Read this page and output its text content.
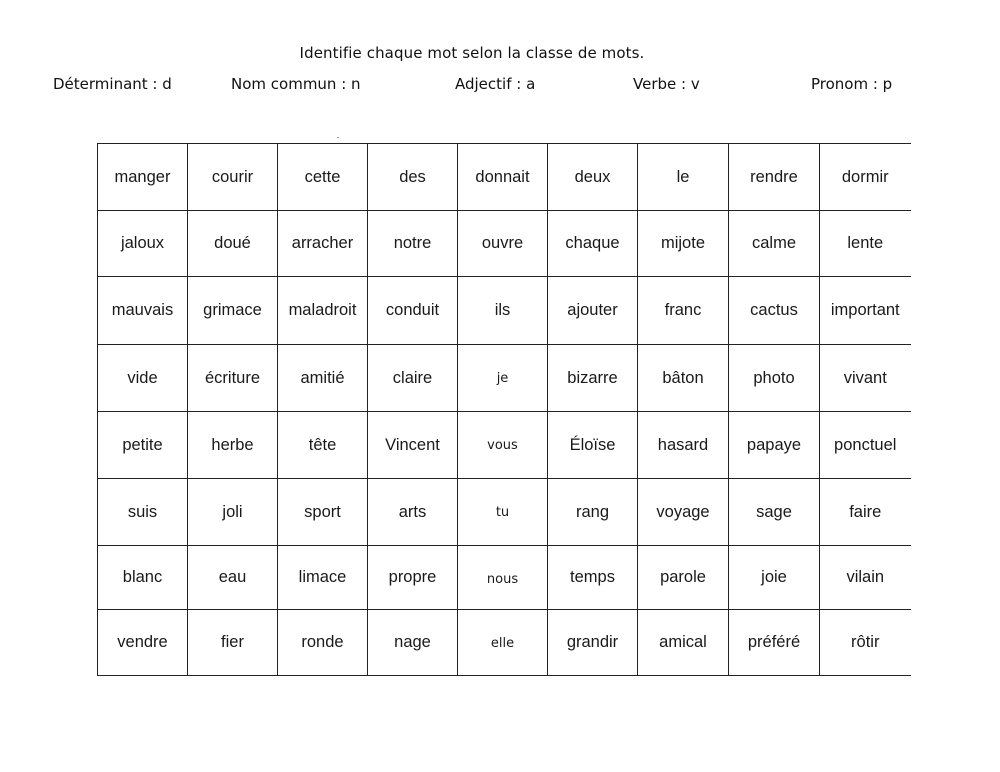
Identifie chaque mot selon la classe de mots.
Déterminant : d	Nom commun : n	Adjectif : a	Verbe : v	Pronom : p
manger	courir	cette	des	donnait	deux	le	rendre	dormir
jaloux	doué	arracher	notre	ouvre	chaque	mijote	calme	lente
mauvais	grimace	maladroit	conduit	ils	ajouter	franc	cactus	important
vide	écriture	amitié	claire	je	bizarre	bâton	photo	vivant
petite	herbe	tête	Vincent	vous	Éloïse	hasard	papaye	ponctuel
suis	joli	sport	arts	tu	rang	voyage	sage	faire
blanc	eau	limace	propre	nous	temps	parole	joie	vilain
vendre	fier	ronde	nage	elle	grandir	amical	préféré	rôtir
